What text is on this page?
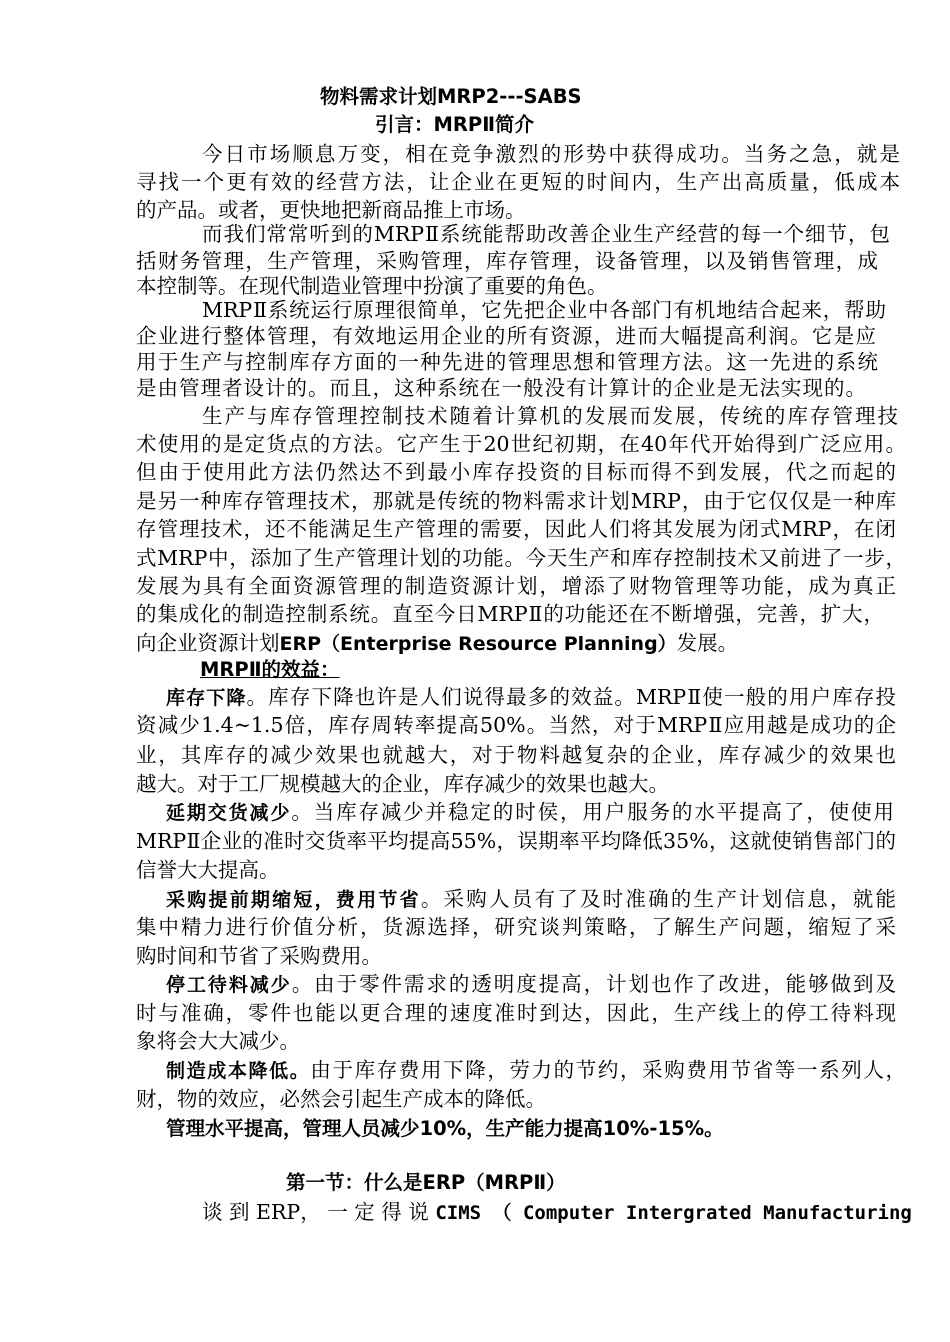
物料需求计划MRP2---SABS
引言：MRPⅡ简介
今日市场顺息万变，相在竞争激烈的形势中获得成功。当务之急，就是
寻找一个更有效的经营方法，让企业在更短的时间内，生产出高质量，低成本
的产品。或者，更快地把新商品推上市场。
而我们常常听到的MRPⅡ系统能帮助改善企业生产经营的每一个细节，包
括财务管理，生产管理，采购管理，库存管理，设备管理，以及销售管理，成
本控制等。在现代制造业管理中扮演了重要的角色。
MRPⅡ系统运行原理很简单，它先把企业中各部门有机地结合起来，帮助
企业进行整体管理，有效地运用企业的所有资源，进而大幅提高利润。它是应
用于生产与控制库存方面的一种先进的管理思想和管理方法。这一先进的系统
是由管理者设计的。而且，这种系统在一般没有计算计的企业是无法实现的。
生产与库存管理控制技术随着计算机的发展而发展，传统的库存管理技
术使用的是定货点的方法。它产生于20世纪初期，在40年代开始得到广泛应用。
但由于使用此方法仍然达不到最小库存投资的目标而得不到发展，代之而起的
是另一种库存管理技术，那就是传统的物料需求计划MRP，由于它仅仅是一种库
存管理技术，还不能满足生产管理的需要，因此人们将其发展为闭式MRP，在闭
式MRP中，添加了生产管理计划的功能。今天生产和库存控制技术又前进了一步，
发展为具有全面资源管理的制造资源计划，增添了财物管理等功能，成为真正
的集成化的制造控制系统。直至今日MRPⅡ的功能还在不断增强，完善，扩大，
向企业资源计划ERP（Enterprise Resource Planning）发展。
MRPⅡ的效益：
库存下降。库存下降也许是人们说得最多的效益。MRPⅡ使一般的用户库存投
资减少1.4~1.5倍，库存周转率提高50%。当然，对于MRPⅡ应用越是成功的企
业，其库存的减少效果也就越大，对于物料越复杂的企业，库存减少的效果也
越大。对于工厂规模越大的企业，库存减少的效果也越大。
延期交货减少。当库存减少并稳定的时侯，用户服务的水平提高了，使使用
MRPⅡ企业的准时交货率平均提高55%，误期率平均降低35%，这就使销售部门的
信誉大大提高。
采购提前期缩短，费用节省。采购人员有了及时准确的生产计划信息，就能
集中精力进行价值分析，货源选择，研究谈判策略，了解生产问题，缩短了采
购时间和节省了采购费用。
停工待料减少。由于零件需求的透明度提高，计划也作了改进，能够做到及
时与准确，零件也能以更合理的速度准时到达，因此，生产线上的停工待料现
象将会大大减少。
制造成本降低。由于库存费用下降，劳力的节约，采购费用节省等一系列人，
财，物的效应，必然会引起生产成本的降低。
管理水平提高，管理人员减少10%，生产能力提高10%-15%。
第一节：什么是ERP（MRPⅡ）
谈 到 ERP， 一 定 得 说 CIMS （ Computer Intergrated Manufacturing
